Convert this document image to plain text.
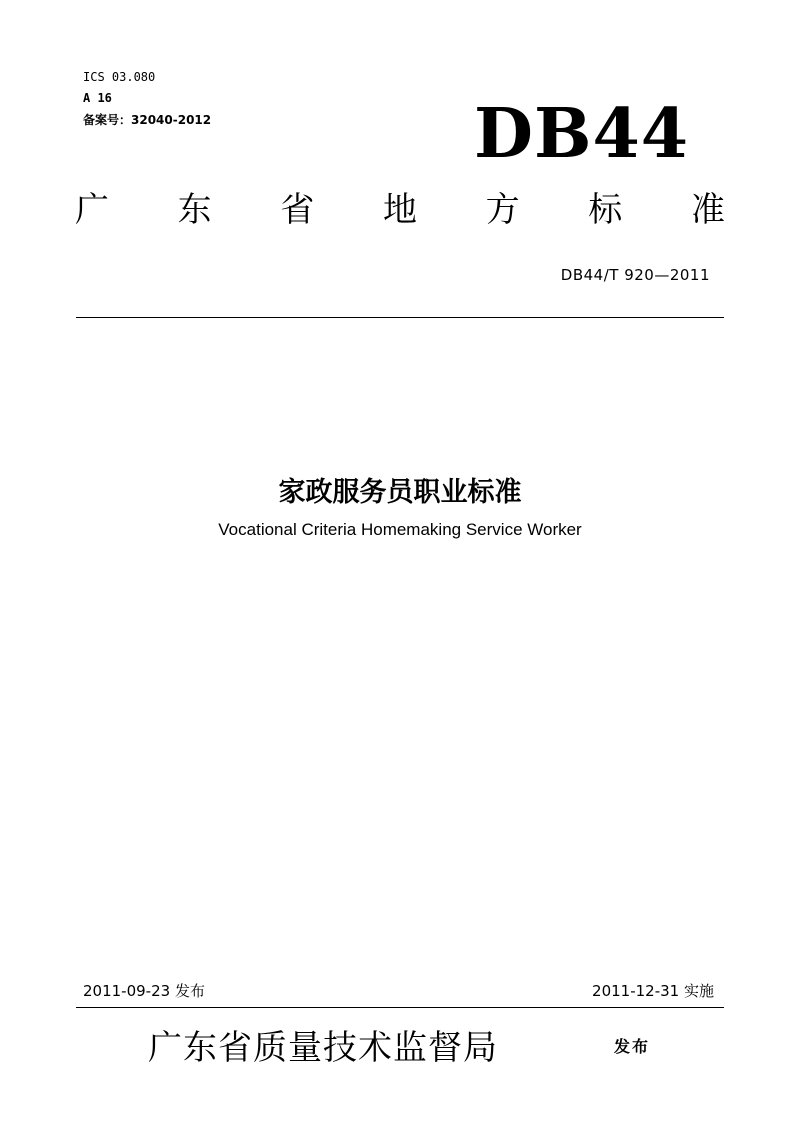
ICS 03.080
A 16
备案号：32040-2012	DB44
广 东 省 地 方 标 准
DB44/T 920—2011
家政服务员职业标准
Vocational Criteria Homemaking Service Worker
2011-09-23 发布	2011-12-31 实施
广东省质量技术监督局	发布
